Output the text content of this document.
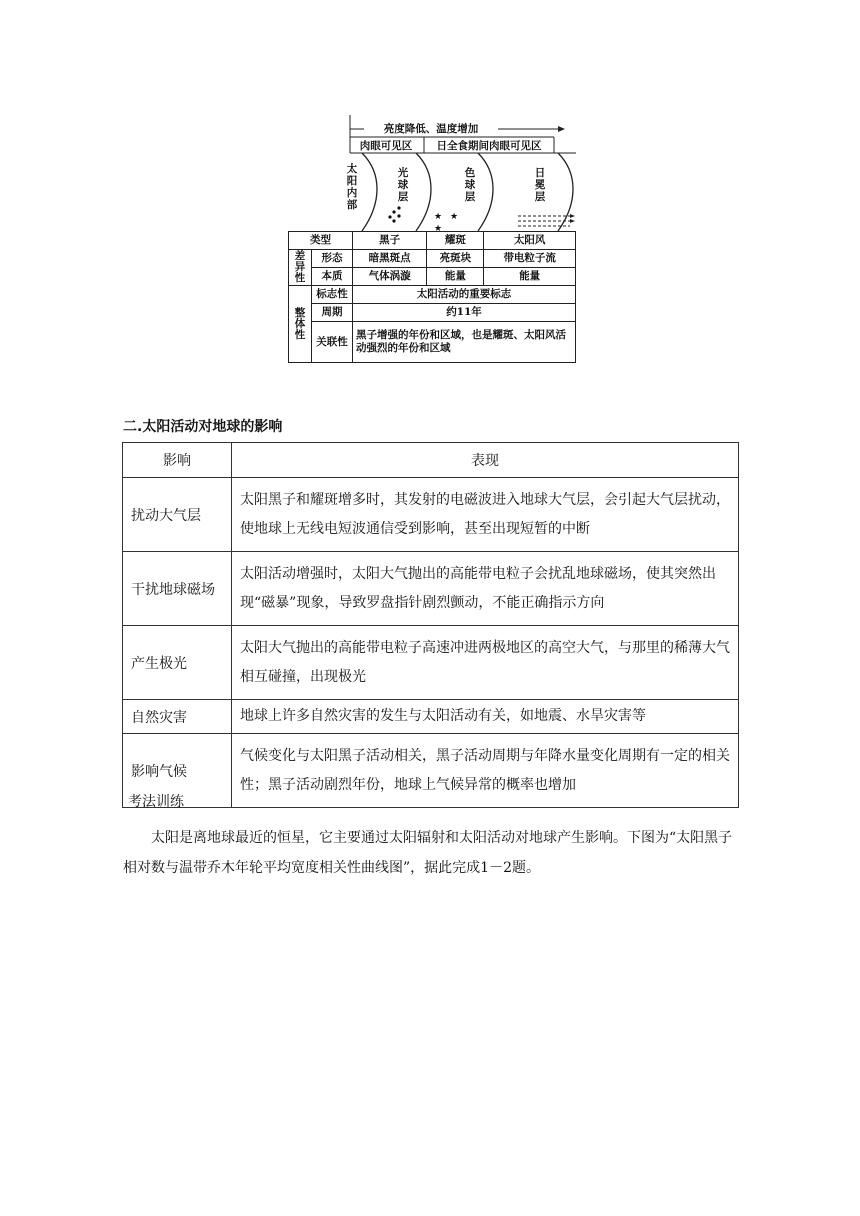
亮度降低、温度增加
肉眼可见区 日全食期间肉眼可见区
太
阳
内
部
光
球
层
色
球
层
日
冕
层
★ ★
★
类型		黑子	耀斑	太阳风
差异性	形态	暗黑斑点	亮斑块	带电粒子流
	本质	气体涡漩	能量	能量
整体性	标志性	太阳活动的重要标志		
	周期	约11年		
	关联性	黑子增强的年份和区域，也是耀斑、太阳风活动强烈的年份和区域		
二.太阳活动对地球的影响
影响	表现
扰动大气层	太阳黑子和耀斑增多时，其发射的电磁波进入地球大气层，会引起大气层扰动，使地球上无线电短波通信受到影响，甚至出现短暂的中断
干扰地球磁场	太阳活动增强时，太阳大气抛出的高能带电粒子会扰乱地球磁场，使其突然出现“磁暴”现象，导致罗盘指针剧烈颤动，不能正确指示方向
产生极光	太阳大气抛出的高能带电粒子高速冲进两极地区的高空大气，与那里的稀薄大气相互碰撞，出现极光
自然灾害	地球上许多自然灾害的发生与太阳活动有关，如地震、水旱灾害等
影响气候	气候变化与太阳黑子活动相关，黑子活动周期与年降水量变化周期有一定的相关性；黑子活动剧烈年份，地球上气候异常的概率也增加
考法训练

太阳是离地球最近的恒星，它主要通过太阳辐射和太阳活动对地球产生影响。下图为“太阳黑子相对数与温带乔木年轮平均宽度相关性曲线图”，据此完成1－2题。
